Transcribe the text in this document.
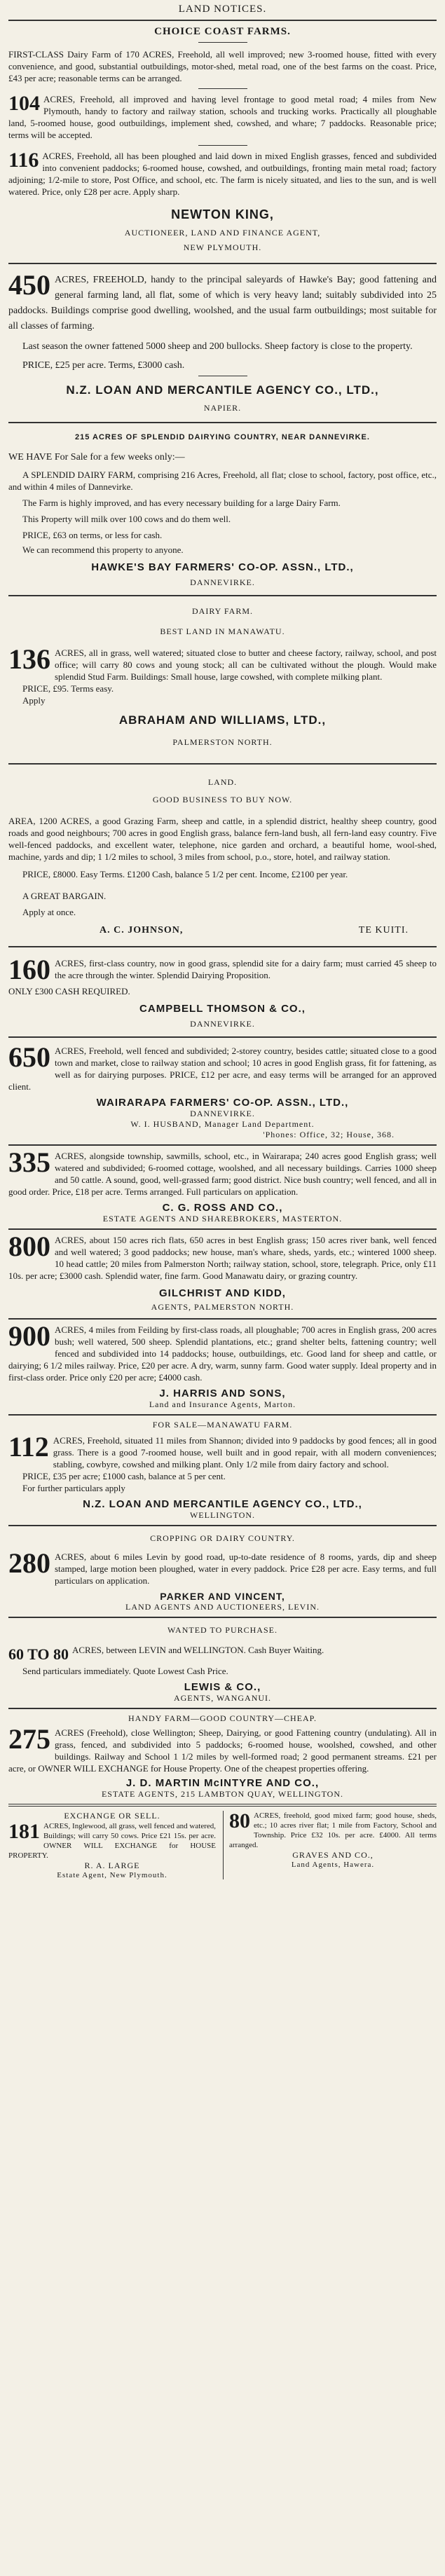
LAND NOTICES.
CHOICE COAST FARMS.

FIRST-CLASS Dairy Farm of 170 ACRES, Freehold, all well improved; new 3-roomed house, fitted with every convenience, and good, substantial outbuildings, motor-shed, metal road, one of the best farms on the coast. Price, £43 per acre; reasonable terms can be arranged.

104 ACRES, Freehold, all improved and having level frontage to good metal road; 4 miles from New Plymouth, handy to factory and railway station, schools and trucking works. Practically all ploughable land, 5-roomed house, good outbuildings, implement shed, cowshed, and whare; 7 paddocks. Reasonable price; terms will be accepted.

116 ACRES, Freehold, all has been ploughed and laid down in mixed English grasses, fenced and subdivided into convenient paddocks; 6-roomed house, cowshed, and outbuildings, fronting main metal road; factory adjoining; 1/2-mile to store, Post Office, and school, etc. The farm is nicely situated, and lies to the sun, and is well watered. Price, only £28 per acre. Apply sharp.

NEWTON KING,
AUCTIONEER, LAND AND FINANCE AGENT,
NEW PLYMOUTH.

450 ACRES, FREEHOLD, handy to the principal saleyards of Hawke's Bay; good fattening and general farming land, all flat, some of which is very heavy land; suitably subdivided into 25 paddocks. Buildings comprise good dwelling, woolshed, and the usual farm outbuildings; most suitable for all classes of farming.

Last season the owner fattened 5000 sheep and 200 bullocks. Sheep factory is close to the property.

PRICE, £25 per acre. Terms, £3000 cash.

N.Z. LOAN AND MERCANTILE AGENCY CO., LTD.,
NAPIER.
215 ACRES OF SPLENDID DAIRYING COUNTRY, NEAR DANNEVIRKE.

WE HAVE For Sale for a few weeks only:—

A SPLENDID DAIRY FARM, comprising 216 Acres, Freehold, all flat; close to school, factory, post office, etc., and within 4 miles of Dannevirke.

The Farm is highly improved, and has every necessary building for a large Dairy Farm.

This Property will milk over 100 cows and do them well.

PRICE, £63 on terms, or less for cash.

We can recommend this property to anyone.

HAWKE'S BAY FARMERS' CO-OP. ASSN., LTD.,
DANNEVIRKE.
DAIRY FARM.
BEST LAND IN MANAWATU.

136 ACRES, all in grass, well watered; situated close to butter and cheese factory, railway, school, and post office; will carry 80 cows and young stock; all can be cultivated without the plough. Would make splendid Stud Farm. Buildings: Small house, large cowshed, with complete milking plant.

PRICE, £95. Terms easy.

Apply

ABRAHAM AND WILLIAMS, LTD.,
PALMERSTON NORTH.
LAND.
GOOD BUSINESS TO BUY NOW.

AREA, 1200 ACRES, a good Grazing Farm, sheep and cattle, in a splendid district, healthy sheep country, good roads and good neighbours; 700 acres in good English grass, balance fern-land bush, all fern-land easy country. Five well-fenced paddocks, and excellent water, telephone, nice garden and orchard, a beautiful home, wool-shed, machine, yards and dip; 1 1/2 miles to school, 3 miles from school, p.o., store, hotel, and railway station.

PRICE, £8000. Easy Terms. £1200 Cash, balance 5 1/2 per cent. Income, £2100 per year.

A GREAT BARGAIN.

Apply at once.

A. C. JOHNSON,	TE KUITI.

160 ACRES, first-class country, now in good grass, splendid site for a dairy farm; must carried 45 sheep to the acre through the winter. Splendid Dairying Proposition.

ONLY £300 CASH REQUIRED.

CAMPBELL THOMSON & CO.,
DANNEVIRKE.

650 ACRES, Freehold, well fenced and subdivided; 2-storey country, besides cattle; situated close to a good town and market, close to railway station and school; 10 acres in good English grass, fit for fattening, as well as for dairying purposes. PRICE, £12 per acre, and easy terms will be arranged for an approved client.

WAIRARAPA FARMERS' CO-OP. ASSN., LTD.,
DANNEVIRKE.
W. I. HUSBAND, Manager Land Department.
'Phones: Office, 32; House, 368.

335 ACRES, alongside township, sawmills, school, etc., in Wairarapa; 240 acres good English grass; well watered and subdivided; 6-roomed cottage, woolshed, and all necessary buildings. Carries 1000 sheep and 50 cattle. A sound, good, well-grassed farm; good district. Nice bush country; well fenced, and all in good order. Price, £18 per acre. Terms arranged. Full particulars on application.

C. G. ROSS AND CO.,
ESTATE AGENTS AND SHAREBROKERS, MASTERTON.

800 ACRES, about 150 acres rich flats, 650 acres in best English grass; 150 acres river bank, well fenced and well watered; 3 good paddocks; new house, man's whare, sheds, yards, etc.; wintered 1000 sheep. 10 head cattle; 20 miles from Palmerston North; railway station, school, store, telegraph. Price, only £11 10s. per acre; £3000 cash. Splendid water, fine farm. Good Manawatu dairy, or grazing country.

GILCHRIST AND KIDD,
AGENTS, PALMERSTON NORTH.

900 ACRES, 4 miles from Feilding by first-class roads, all ploughable; 700 acres in English grass, 200 acres bush; well watered, 500 sheep. Splendid plantations, etc.; grand shelter belts, fattening country; well fenced and subdivided into 14 paddocks; house, outbuildings, etc. Good land for sheep and cattle, or dairying; 6 1/2 miles railway. Price, £20 per acre. A dry, warm, sunny farm. Good water supply. Ideal property and in first-class order. Price only £20 per acre; £4000 cash.

J. HARRIS AND SONS,
Land and Insurance Agents, Marton.
FOR SALE—MANAWATU FARM.

112 ACRES, Freehold, situated 11 miles from Shannon; divided into 9 paddocks by good fences; all in good grass. There is a good 7-roomed house, well built and in good repair, with all modern conveniences; stabling, cowbyre, cowshed and milking plant. Only 1/2 mile from dairy factory and school.

PRICE, £35 per acre; £1000 cash, balance at 5 per cent.

For further particulars apply

N.Z. LOAN AND MERCANTILE AGENCY CO., LTD.,
WELLINGTON.
CROPPING OR DAIRY COUNTRY.

280 ACRES, about 6 miles Levin by good road, up-to-date residence of 8 rooms, yards, dip and sheep stamped, large motion been ploughed, water in every paddock. Price £28 per acre. Easy terms, and full particulars on application.

PARKER AND VINCENT,
LAND AGENTS AND AUCTIONEERS, LEVIN.
WANTED TO PURCHASE.

60 TO 80 ACRES, between LEVIN and WELLINGTON. Cash Buyer Waiting.

Send particulars immediately. Quote Lowest Cash Price.

LEWIS & CO.,
AGENTS, WANGANUI.
HANDY FARM—GOOD COUNTRY—CHEAP.

275 ACRES (Freehold), close Wellington; Sheep, Dairying, or good Fattening country (undulating). All in grass, fenced, and subdivided into 5 paddocks; 6-roomed house, woolshed, cowshed, and other buildings. Railway and School 1 1/2 miles by well-formed road; 2 good permanent streams. £21 per acre, or OWNER WILL EXCHANGE for House Property. One of the cheapest properties offering.

J. D. MARTIN McINTYRE AND CO.,
ESTATE AGENTS, 215 LAMBTON QUAY, WELLINGTON.
EXCHANGE OR SELL.

181 ACRES, Inglewood, all grass, well fenced and watered, Buildings; will carry 50 cows. Price £21 15s. per acre. OWNER WILL EXCHANGE for HOUSE PROPERTY.

R. A. LARGE
Estate Agent, New Plymouth.

80 ACRES, freehold, good mixed farm; good house, sheds, etc.; 10 acres river flat; 1 mile from Factory, School and Township. Price £32 10s. per acre. £4000. All terms arranged.

GRAVES AND CO.,
Land Agents, Hawera.
